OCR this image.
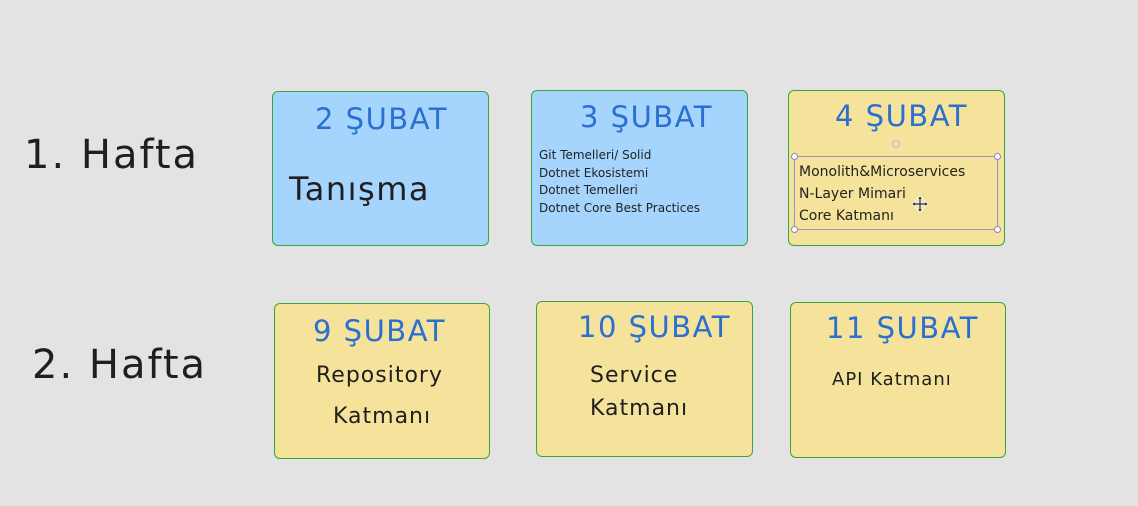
1. Hafta
2 ŞUBAT
Tanışma
3 ŞUBAT
Git Temelleri/ Solid
Dotnet Ekosistemi
Dotnet Temelleri
Dotnet Core Best Practices
4 ŞUBAT
Monolith&Microservices
N-Layer Mimari
Core Katmanı
2. Hafta
9 ŞUBAT
Repository
Katmanı
10 ŞUBAT
Service
Katmanı
11 ŞUBAT
API Katmanı
